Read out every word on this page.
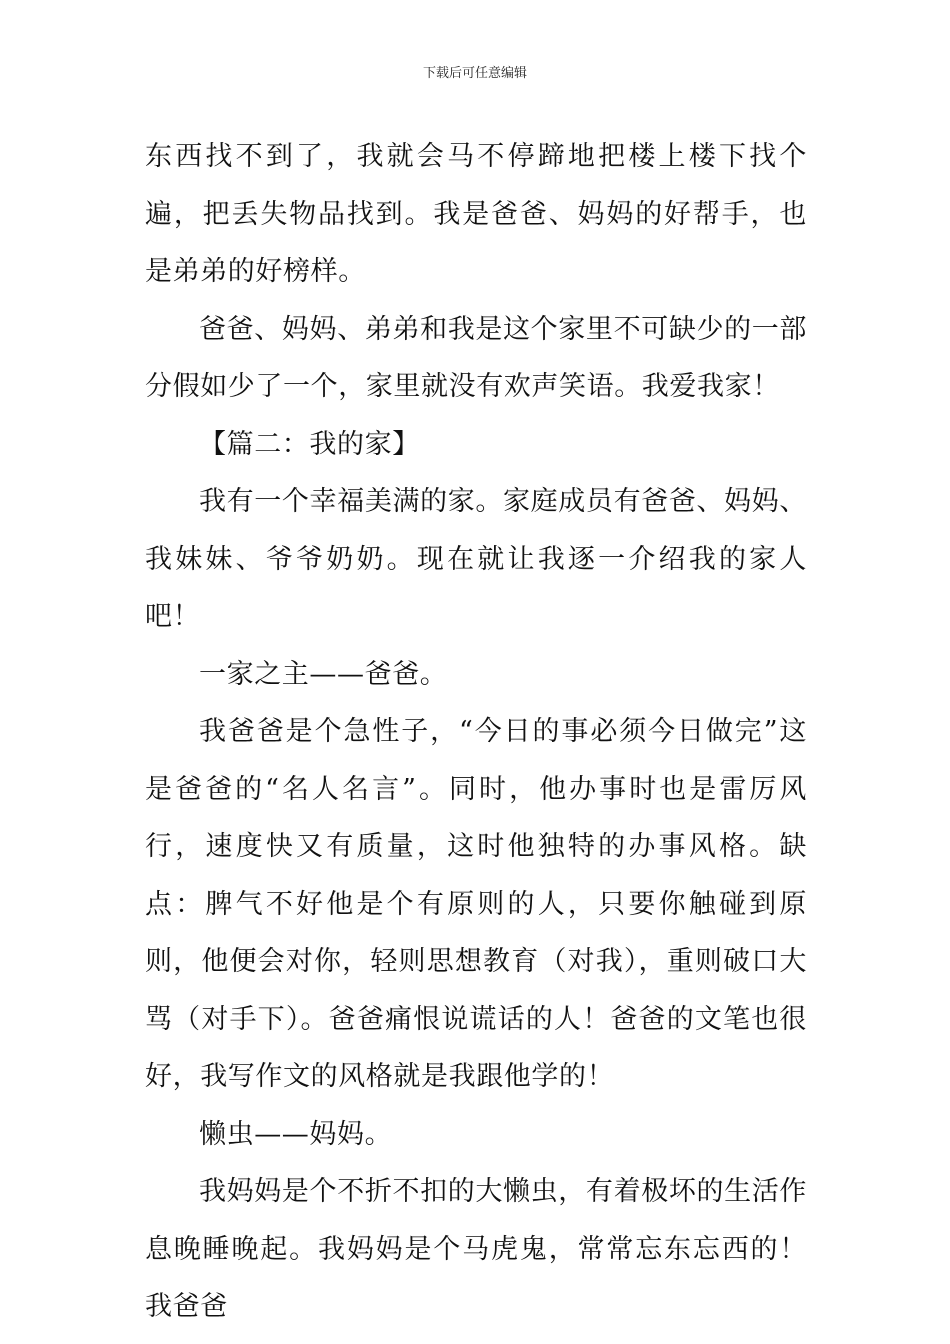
下载后可任意编辑

东西找不到了，我就会马不停蹄地把楼上楼下找个遍，把丢失物品找到。我是爸爸、妈妈的好帮手，也是弟弟的好榜样。

爸爸、妈妈、弟弟和我是这个家里不可缺少的一部分假如少了一个，家里就没有欢声笑语。我爱我家！

【篇二：我的家】

我有一个幸福美满的家。家庭成员有爸爸、妈妈、我妹妹、爷爷奶奶。现在就让我逐一介绍我的家人吧！

一家之主——爸爸。

我爸爸是个急性子，“今日的事必须今日做完”这是爸爸的“名人名言”。同时，他办事时也是雷厉风行，速度快又有质量，这时他独特的办事风格。缺点：脾气不好他是个有原则的人，只要你触碰到原则，他便会对你，轻则思想教育（对我），重则破口大骂（对手下）。爸爸痛恨说谎话的人！爸爸的文笔也很好，我写作文的风格就是我跟他学的！

懒虫——妈妈。

我妈妈是个不折不扣的大懒虫，有着极坏的生活作息晚睡晚起。我妈妈是个马虎鬼，常常忘东忘西的！我爸爸
